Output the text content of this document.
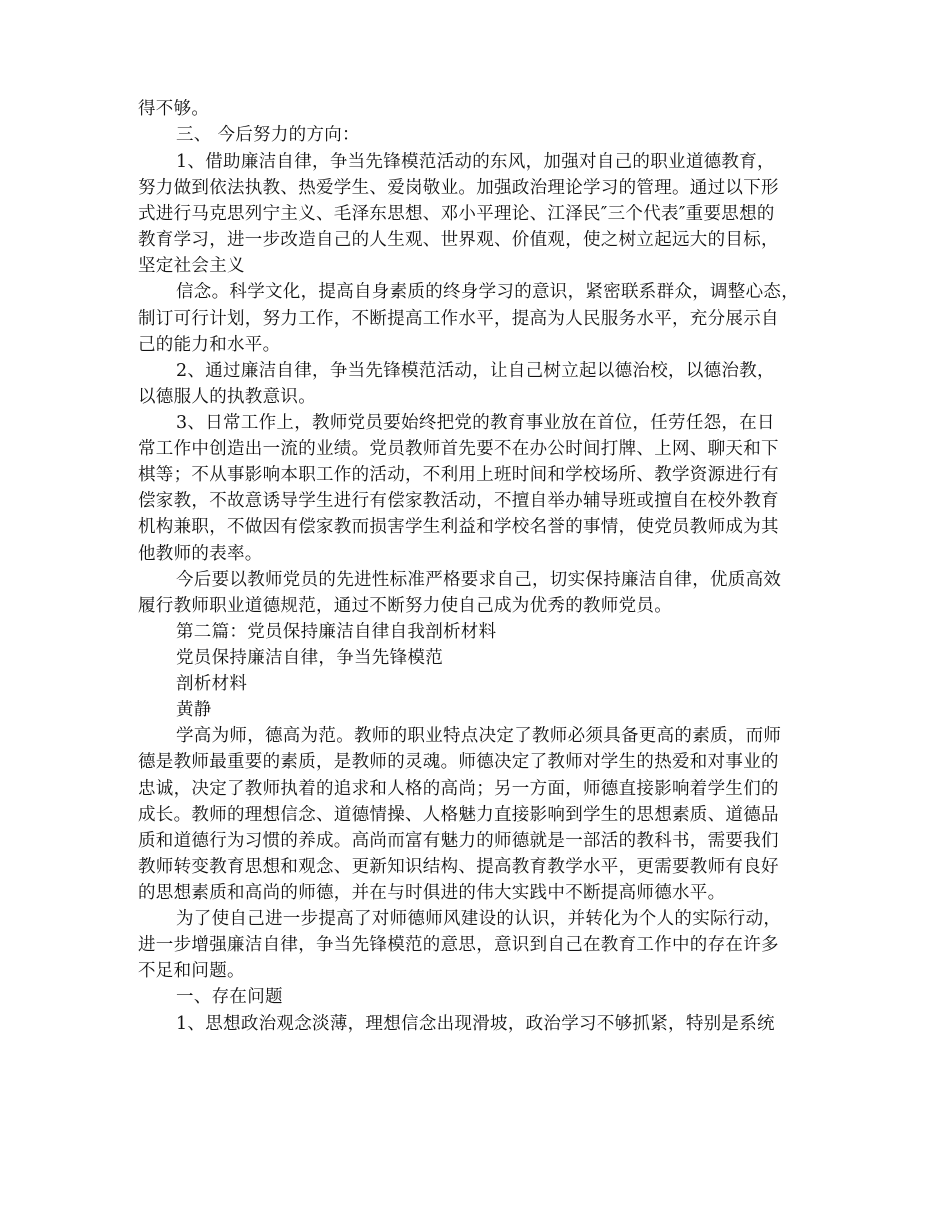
得不够。
三、 今后努力的方向：
1、借助廉洁自律，争当先锋模范活动的东风，加强对自己的职业道德教育，
努力做到依法执教、热爱学生、爱岗敬业。加强政治理论学习的管理。通过以下形
式进行马克思列宁主义、毛泽东思想、邓小平理论、江泽民″三个代表″重要思想的
教育学习，进一步改造自己的人生观、世界观、价值观，使之树立起远大的目标，
坚定社会主义
信念。科学文化，提高自身素质的终身学习的意识，紧密联系群众，调整心态，
制订可行计划，努力工作，不断提高工作水平，提高为人民服务水平，充分展示自
己的能力和水平。
2、通过廉洁自律，争当先锋模范活动，让自己树立起以德治校，以德治教，
以德服人的执教意识。
3、日常工作上，教师党员要始终把党的教育事业放在首位，任劳任怨，在日
常工作中创造出一流的业绩。党员教师首先要不在办公时间打牌、上网、聊天和下
棋等；不从事影响本职工作的活动，不利用上班时间和学校场所、教学资源进行有
偿家教，不故意诱导学生进行有偿家教活动，不擅自举办辅导班或擅自在校外教育
机构兼职，不做因有偿家教而损害学生利益和学校名誉的事情，使党员教师成为其
他教师的表率。
今后要以教师党员的先进性标准严格要求自己，切实保持廉洁自律，优质高效
履行教师职业道德规范，通过不断努力使自己成为优秀的教师党员。
第二篇：党员保持廉洁自律自我剖析材料
党员保持廉洁自律，争当先锋模范
剖析材料
黄静
学高为师，德高为范。教师的职业特点决定了教师必须具备更高的素质，而师
德是教师最重要的素质，是教师的灵魂。师德决定了教师对学生的热爱和对事业的
忠诚，决定了教师执着的追求和人格的高尚；另一方面，师德直接影响着学生们的
成长。教师的理想信念、道德情操、人格魅力直接影响到学生的思想素质、道德品
质和道德行为习惯的养成。高尚而富有魅力的师德就是一部活的教科书，需要我们
教师转变教育思想和观念、更新知识结构、提高教育教学水平，更需要教师有良好
的思想素质和高尚的师德，并在与时俱进的伟大实践中不断提高师德水平。
为了使自己进一步提高了对师德师风建设的认识，并转化为个人的实际行动，
进一步增强廉洁自律，争当先锋模范的意思，意识到自己在教育工作中的存在许多
不足和问题。
一、存在问题
1、思想政治观念淡薄，理想信念出现滑坡，政治学习不够抓紧，特别是系统
